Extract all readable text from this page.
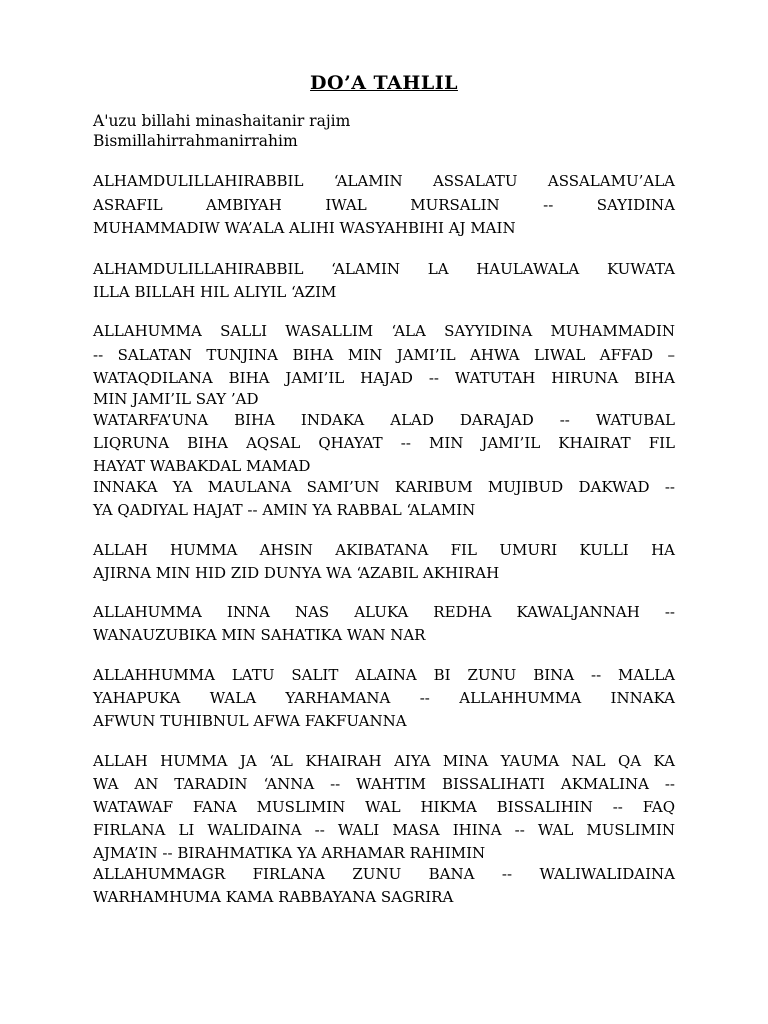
DO’A TAHLIL
A'uzu billahi minashaitanir rajim
Bismillahirrahmanirrahim
ALHAMDULILLAHIRABBIL ‘ALAMIN ASSALATU ASSALAMU’ALA
ASRAFIL AMBIYAH IWAL MURSALIN -- SAYIDINA
MUHAMMADIW WA’ALA ALIHI WASYAHBIHI AJ MAIN
ALHAMDULILLAHIRABBIL ‘ALAMIN LA HAULAWALA KUWATA
ILLA BILLAH HIL ALIYIL ‘AZIM
ALLAHUMMA SALLI WASALLIM ‘ALA SAYYIDINA MUHAMMADIN
-- SALATAN TUNJINA BIHA MIN JAMI’IL AHWA LIWAL AFFAD –
WATAQDILANA BIHA JAMI’IL HAJAD -- WATUTAH HIRUNA BIHA
MIN JAMI’IL SAY ’AD
WATARFA’UNA BIHA INDAKA ALAD DARAJAD -- WATUBAL
LIQRUNA BIHA AQSAL QHAYAT -- MIN JAMI’IL KHAIRAT FIL
HAYAT WABAKDAL MAMAD
INNAKA YA MAULANA SAMI’UN KARIBUM MUJIBUD DAKWAD --
YA QADIYAL HAJAT -- AMIN YA RABBAL ‘ALAMIN
ALLAH HUMMA AHSIN AKIBATANA FIL UMURI KULLI HA
AJIRNA MIN HID ZID DUNYA WA ‘AZABIL AKHIRAH
ALLAHUMMA INNA NAS ALUKA REDHA KAWALJANNAH --
WANAUZUBIKA MIN SAHATIKA WAN NAR
ALLAHHUMMA LATU SALIT ALAINA BI ZUNU BINA -- MALLA
YAHAPUKA WALA YARHAMANA -- ALLAHHUMMA INNAKA
AFWUN TUHIBNUL AFWA FAKFUANNA
ALLAH HUMMA JA ‘AL KHAIRAH AIYA MINA YAUMA NAL QA KA
WA AN TARADIN ‘ANNA -- WAHTIM BISSALIHATI AKMALINA --
WATAWAF FANA MUSLIMIN WAL HIKMA BISSALIHIN -- FAQ
FIRLANA LI WALIDAINA -- WALI MASA IHINA -- WAL MUSLIMIN
AJMA’IN -- BIRAHMATIKA YA ARHAMAR RAHIMIN
ALLAHUMMAGR FIRLANA ZUNU BANA -- WALIWALIDAINA
WARHAMHUMA KAMA RABBAYANA SAGRIRA
